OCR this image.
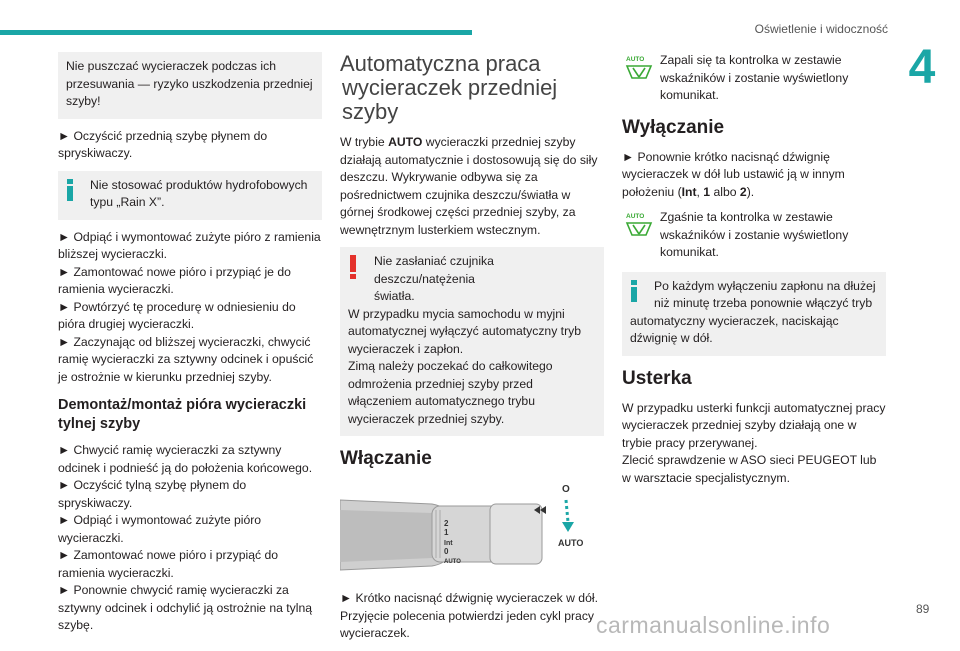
Oświetlenie i widoczność
4
Nie puszczać wycieraczek podczas ich przesuwania — ryzyko uszkodzenia przedniej szyby!

► Oczyścić przednią szybę płynem do spryskiwaczy.

Nie stosować produktów hydrofobowych
typu „Rain X”.

► Odpiąć i wymontować zużyte pióro z ramienia bliższej wycieraczki.

► Zamontować nowe pióro i przypiąć je do ramienia wycieraczki.

► Powtórzyć tę procedurę w odniesieniu do pióra drugiej wycieraczki.

► Zaczynając od bliższej wycieraczki, chwycić ramię wycieraczki za sztywny odcinek i opuścić je ostrożnie w kierunku przedniej szyby.

Demontaż/montaż pióra wycieraczki tylnej szyby

► Chwycić ramię wycieraczki za sztywny odcinek i podnieść ją do położenia końcowego.

► Oczyścić tylną szybę płynem do spryskiwaczy.

► Odpiąć i wymontować zużyte pióro wycieraczki.

► Zamontować nowe pióro i przypiąć do ramienia wycieraczki.

► Ponownie chwycić ramię wycieraczki za sztywny odcinek i odchylić ją ostrożnie na tylną szybę.

Automatyczna praca
wycieraczek przedniej
szyby

W trybie AUTO wycieraczki przedniej szyby działają automatycznie i dostosowują się do siły deszczu. Wykrywanie odbywa się za pośrednictwem czujnika deszczu/światła w górnej środkowej części przedniej szyby, za wewnętrznym lusterkiem wstecznym.

Nie zasłaniać czujnika deszczu/natężenia
światła.
W przypadku mycia samochodu w myjni automatycznej wyłączyć automatyczny tryb wycieraczek i zapłon.
Zimą należy poczekać do całkowitego odmrożenia przedniej szyby przed włączeniem automatycznego trybu wycieraczek przedniej szyby.
Włączanie
2
1
Int
0
AUTO
O
AUTO

► Krótko nacisnąć dźwignię wycieraczek w dół.

Przyjęcie polecenia potwierdzi jeden cykl pracy wycieraczek.

AUTO Zapali się ta kontrolka w zestawie wskaźników i zostanie wyświetlony komunikat.
Wyłączanie

► Ponownie krótko nacisnąć dźwignię wycieraczek w dół lub ustawić ją w innym położeniu (Int, 1 albo 2).

AUTO Zgaśnie ta kontrolka w zestawie wskaźników i zostanie wyświetlony komunikat.
Po każdym wyłączeniu zapłonu na dłużej
niż minutę trzeba ponownie włączyć tryb
automatyczny wycieraczek, naciskając dźwignię w dół.
Usterka

W przypadku usterki funkcji automatycznej pracy wycieraczek przedniej szyby działają one w trybie pracy przerywanej.

Zlecić sprawdzenie w ASO sieci PEUGEOT lub w warsztacie specjalistycznym.

89
carmanualsonline.info
